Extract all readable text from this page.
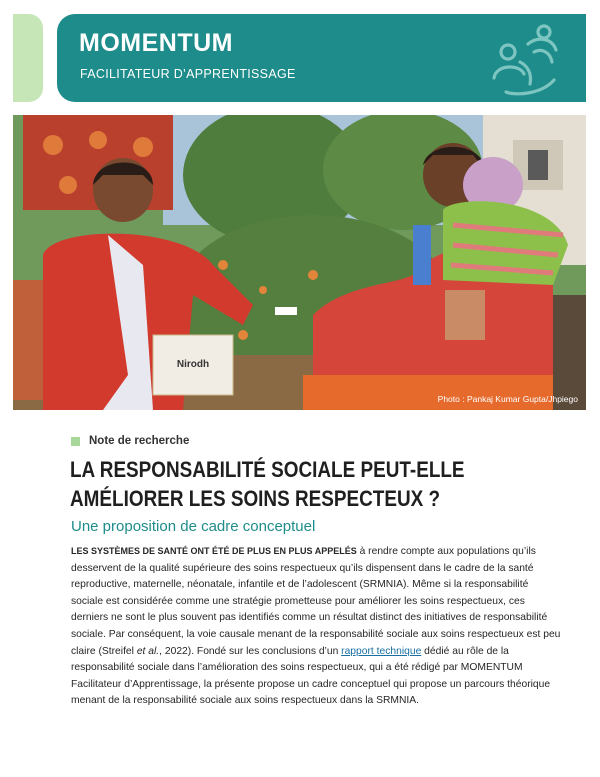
MOMENTUM
FACILITATEUR D’APPRENTISSAGE
Nirodh
Photo : Pankaj Kumar Gupta/Jhpiego
Note de recherche
LA RESPONSABILITÉ SOCIALE PEUT-ELLE
AMÉLIORER LES SOINS RESPECTEUX ?
Une proposition de cadre conceptuel
LES SYSTÈMES DE SANTÉ ONT ÉTÉ DE PLUS EN PLUS APPELÉS à rendre compte aux populations qu’ils desservent de la qualité supérieure des soins respectueux qu’ils dispensent dans le cadre de la santé reproductive, maternelle, néonatale, infantile et de l’adolescent (SRMNIA). Même si la responsabilité sociale est considérée comme une stratégie prometteuse pour améliorer les soins respectueux, ces derniers ne sont le plus souvent pas identifiés comme un résultat distinct des initiatives de responsabilité sociale. Par conséquent, la voie causale menant de la responsabilité sociale aux soins respectueux est peu claire (Streifel et al., 2022). Fondé sur les conclusions d’un rapport technique dédié au rôle de la responsabilité sociale dans l’amélioration des soins respectueux, qui a été rédigé par MOMENTUM Facilitateur d’Apprentissage, la présente propose un cadre conceptuel qui propose un parcours théorique menant de la responsabilité sociale aux soins respectueux dans la SRMNIA.
